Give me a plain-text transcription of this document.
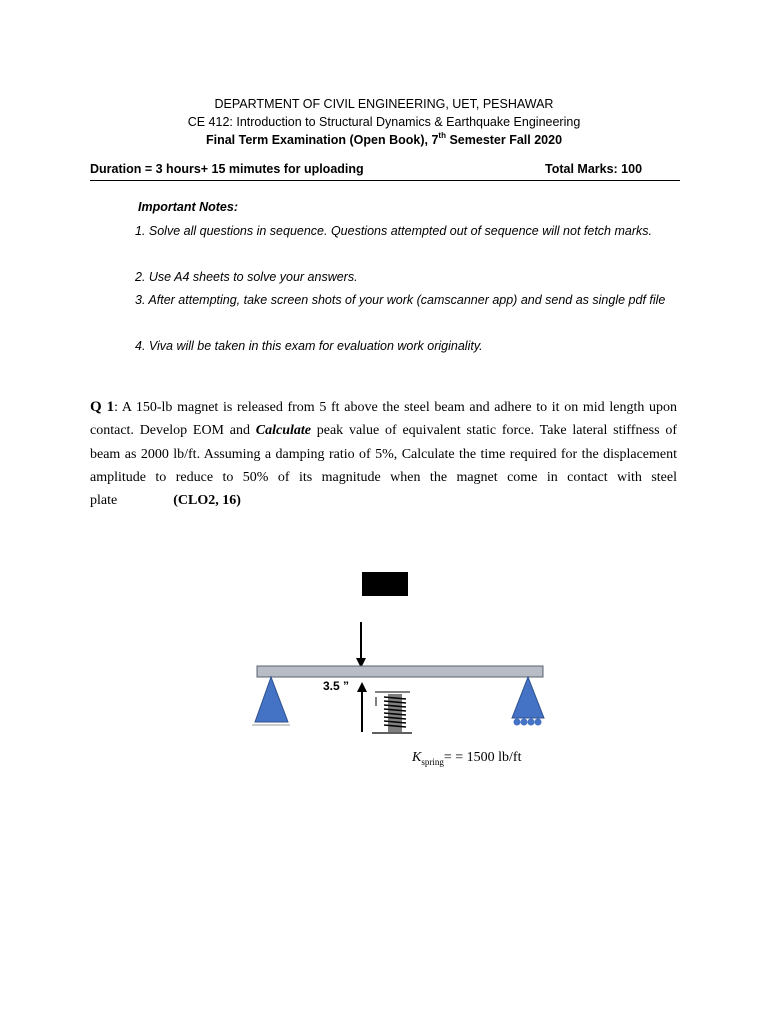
DEPARTMENT OF CIVIL ENGINEERING, UET, PESHAWAR
CE 412: Introduction to Structural Dynamics & Earthquake Engineering
Final Term Examination (Open Book), 7th Semester Fall 2020
Duration = 3 hours+ 15 mimutes for uploading	Total Marks: 100
Important Notes:
1. Solve all questions in sequence. Questions attempted out of sequence will not fetch marks.
2. Use A4 sheets to solve your answers.
3. After attempting, take screen shots of your work (camscanner app) and send as single pdf file
4. Viva will be taken in this exam for evaluation work originality.
Q 1: A 150-lb magnet is released from 5 ft above the steel beam and adhere to it on mid length upon contact. Develop EOM and Calculate peak value of equivalent static force. Take lateral stiffness of beam as 2000 lb/ft. Assuming a damping ratio of 5%, Calculate the time required for the displacement amplitude to reduce to 50% of its magnitude when the magnet come in contact with steel plate	(CLO2, 16)
3.5 ”
$K_{spring}= = 1500$ lb/ft
